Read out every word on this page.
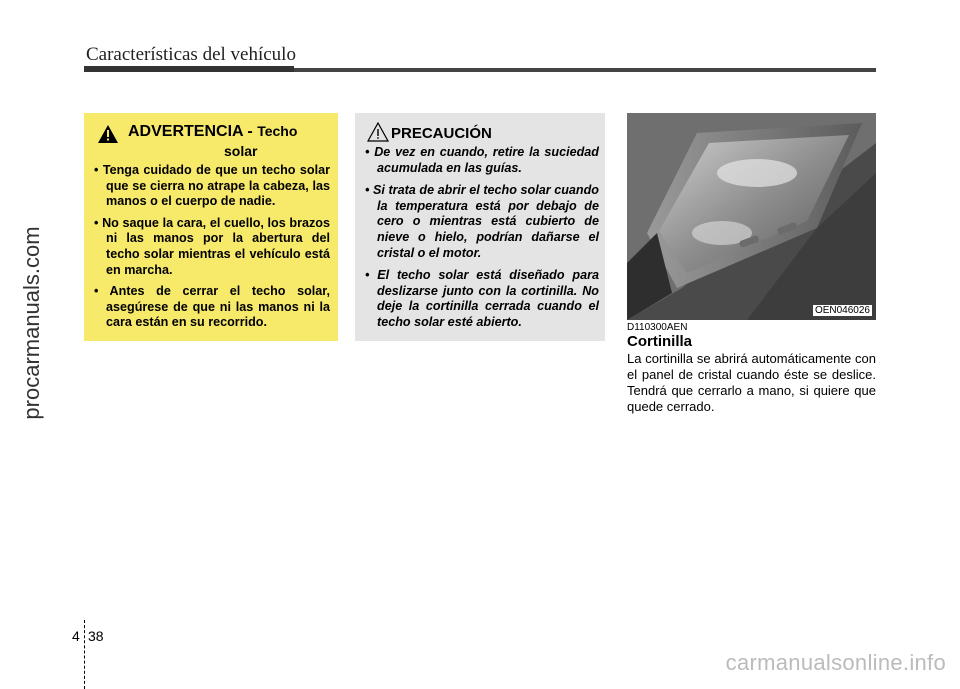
Características del vehículo
procarmanuals.com
ADVERTENCIA - Techo
solar
• Tenga cuidado de que un techo solar que se cierra no atrape la cabeza, las manos o el cuerpo de nadie.
• No saque la cara, el cuello, los brazos ni las manos por la abertura del techo solar mientras el vehículo está en marcha.
• Antes de cerrar el techo solar, asegúrese de que ni las manos ni la cara están en su recorrido.
PRECAUCIÓN
• De vez en cuando, retire la suciedad acumulada en las guías.
• Si trata de abrir el techo solar cuando la temperatura está por debajo de cero o mientras está cubierto de nieve o hielo, podrían dañarse el cristal o el motor.
• El techo solar está diseñado para deslizarse junto con la cortinilla. No deje la cortinilla cerrada cuando el techo solar esté abierto.
OEN046026
D110300AEN
Cortinilla
La cortinilla se abrirá automáticamente con el panel de cristal cuando éste se deslice. Tendrá que cerrarlo a mano, si quiere que quede cerrado.
4 38
carmanualsonline.info
